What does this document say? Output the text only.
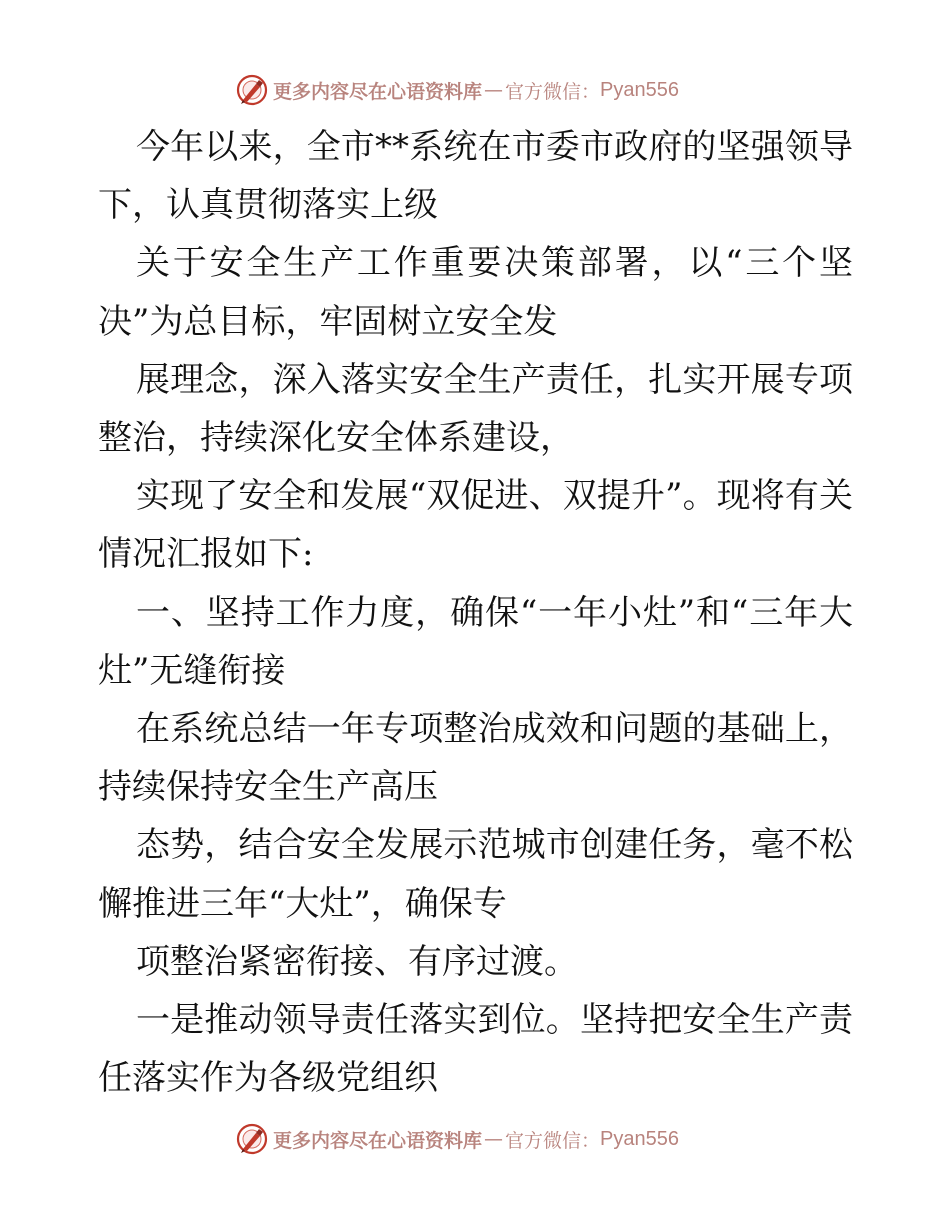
更多内容尽在心语资料库 — 官方微信： Pyan556

今年以来，全市**系统在市委市政府的坚强领导下，认真贯彻落实上级

关于安全生产工作重要决策部署，以“三个坚决”为总目标，牢固树立安全发

展理念，深入落实安全生产责任，扎实开展专项整治，持续深化安全体系建设，

实现了安全和发展“双促进、双提升”。现将有关情况汇报如下:

一、坚持工作力度，确保“一年小灶”和“三年大灶”无缝衔接

在系统总结一年专项整治成效和问题的基础上，持续保持安全生产高压

态势，结合安全发展示范城市创建任务，毫不松懈推进三年“大灶”，确保专

项整治紧密衔接、有序过渡。

一是推动领导责任落实到位。坚持把安全生产责任落实作为各级党组织

更多内容尽在心语资料库 — 官方微信： Pyan556
